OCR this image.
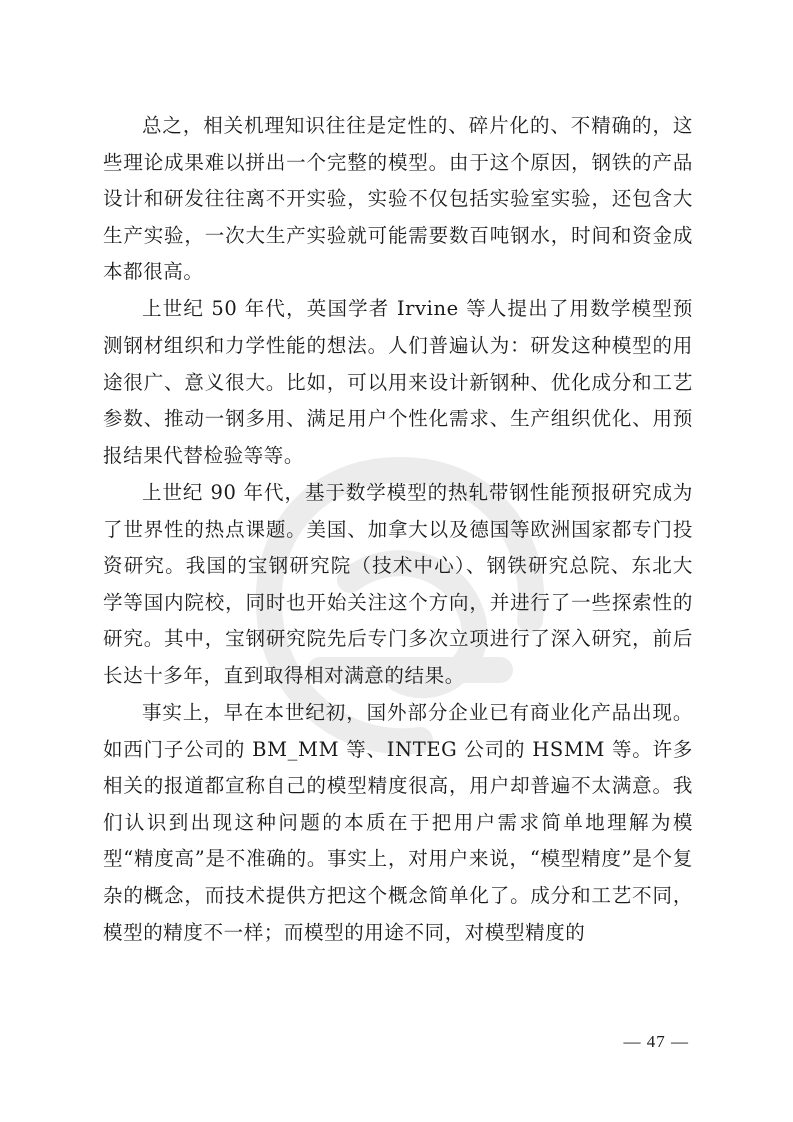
总之，相关机理知识往往是定性的、碎片化的、不精确的，这些理论成果难以拼出一个完整的模型。由于这个原因，钢铁的产品设计和研发往往离不开实验，实验不仅包括实验室实验，还包含大生产实验，一次大生产实验就可能需要数百吨钢水，时间和资金成本都很高。

上世纪 50 年代，英国学者 Irvine 等人提出了用数学模型预测钢材组织和力学性能的想法。人们普遍认为：研发这种模型的用途很广、意义很大。比如，可以用来设计新钢种、优化成分和工艺参数、推动一钢多用、满足用户个性化需求、生产组织优化、用预报结果代替检验等等。

上世纪 90 年代，基于数学模型的热轧带钢性能预报研究成为了世界性的热点课题。美国、加拿大以及德国等欧洲国家都专门投资研究。我国的宝钢研究院（技术中心）、钢铁研究总院、东北大学等国内院校，同时也开始关注这个方向，并进行了一些探索性的研究。其中，宝钢研究院先后专门多次立项进行了深入研究，前后长达十多年，直到取得相对满意的结果。

事实上，早在本世纪初，国外部分企业已有商业化产品出现。如西门子公司的 BM_MM 等、INTEG 公司的 HSMM 等。许多相关的报道都宣称自己的模型精度很高，用户却普遍不太满意。我们认识到出现这种问题的本质在于把用户需求简单地理解为模型“精度高”是不准确的。事实上，对用户来说，“模型精度”是个复杂的概念，而技术提供方把这个概念简单化了。成分和工艺不同，模型的精度不一样；而模型的用途不同，对模型精度的

— 47 —
